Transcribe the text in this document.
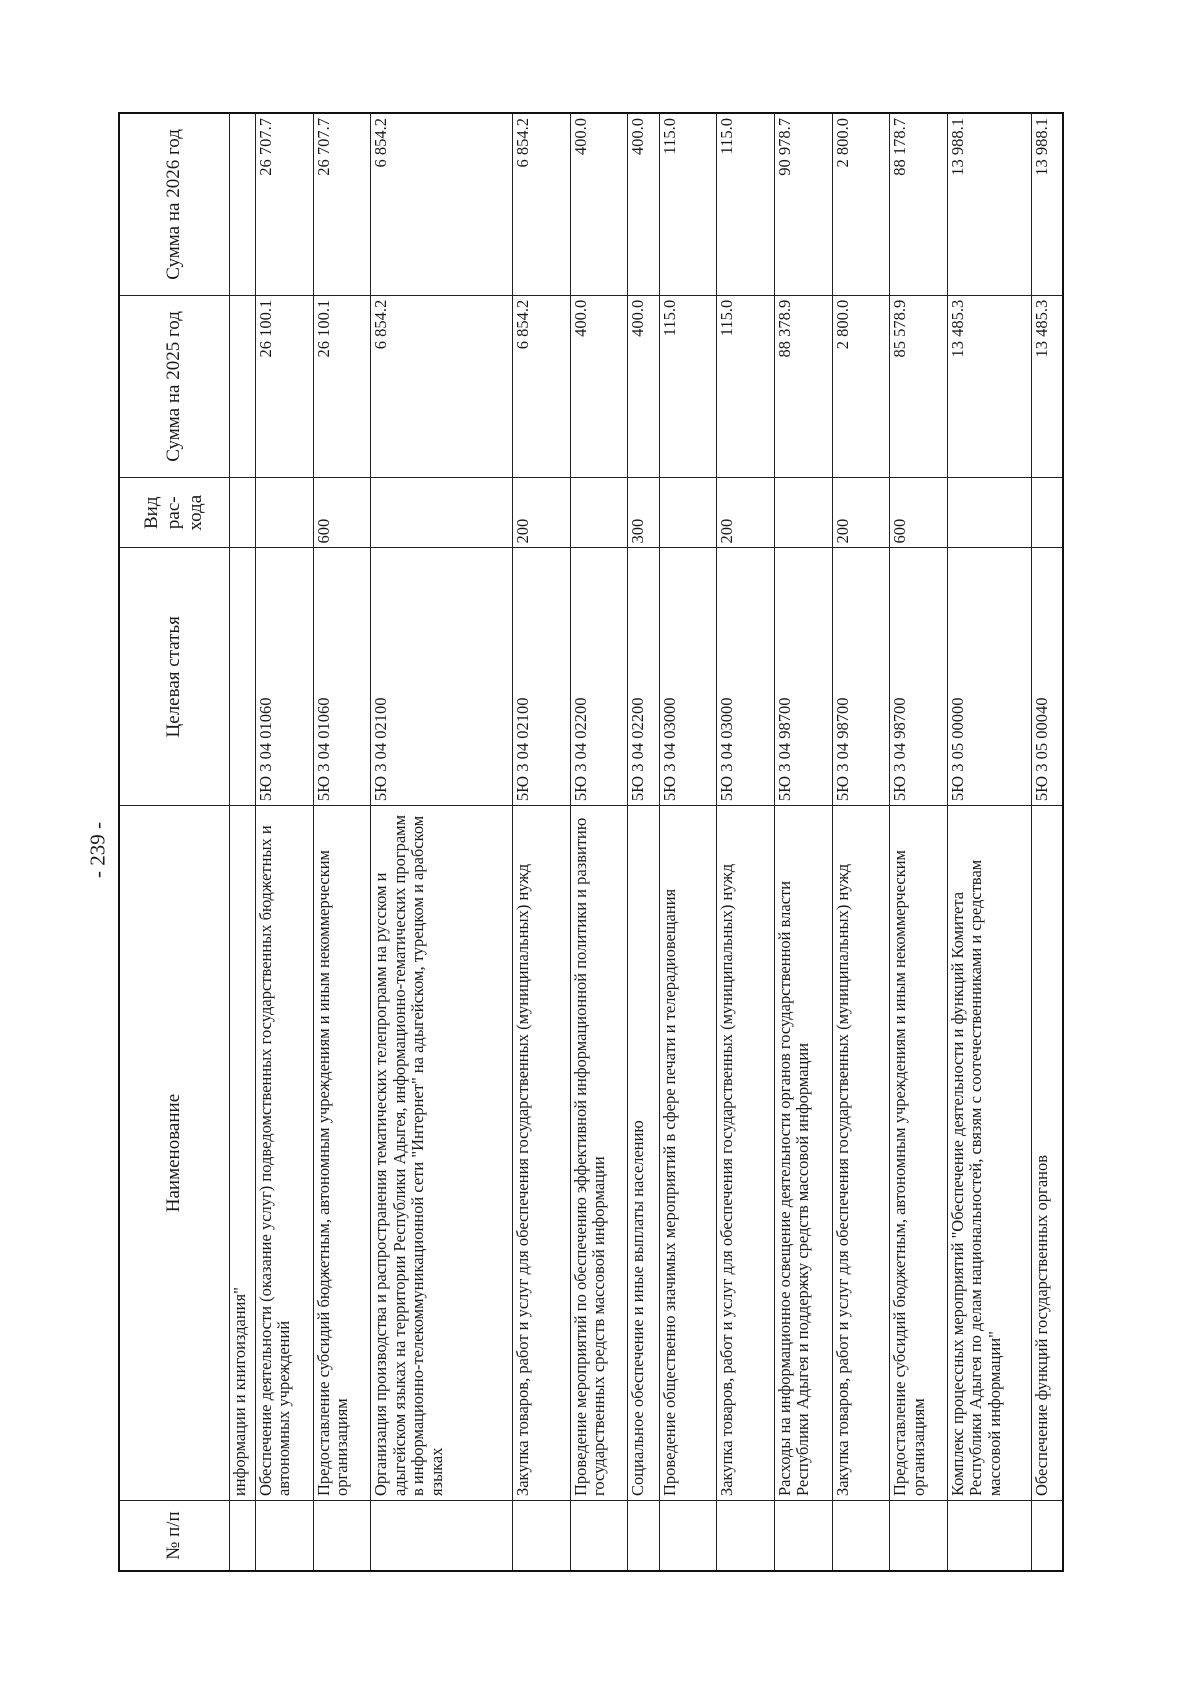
- 239 -
№ п/п	Наименование	Целевая статья	Вид рас-хода	Сумма на 2025 год	Сумма на 2026 год
	информации и книгоиздания"				
	Обеспечение деятельности (оказание услуг) подведомственных государственных бюджетных и автономных учреждений	5Ю 3 04 01060		26 100.1	26 707.7
	Предоставление субсидий бюджетным, автономным учреждениям и иным некоммерческим организациям	5Ю 3 04 01060	600	26 100.1	26 707.7
	Организация производства и распространения тематических телепрограмм на русском и адыгейском языках на территории Республики Адыгея, информационно-тематических программ в информационно-телекоммуникационной сети "Интернет" на адыгейском, турецком и арабском языках	5Ю 3 04 02100		6 854.2	6 854.2
	Закупка товаров, работ и услуг для обеспечения государственных (муниципальных) нужд	5Ю 3 04 02100	200	6 854.2	6 854.2
	Проведение мероприятий по обеспечению эффективной информационной политики и развитию государственных средств массовой информации	5Ю 3 04 02200		400.0	400.0
	Социальное обеспечение и иные выплаты населению	5Ю 3 04 02200	300	400.0	400.0
	Проведение общественно значимых мероприятий в сфере печати и телерадиовещания	5Ю 3 04 03000		115.0	115.0
	Закупка товаров, работ и услуг для обеспечения государственных (муниципальных) нужд	5Ю 3 04 03000	200	115.0	115.0
	Расходы на информационное освещение деятельности органов государственной власти Республики Адыгея и поддержку средств массовой информации	5Ю 3 04 98700		88 378.9	90 978.7
	Закупка товаров, работ и услуг для обеспечения государственных (муниципальных) нужд	5Ю 3 04 98700	200	2 800.0	2 800.0
	Предоставление субсидий бюджетным, автономным учреждениям и иным некоммерческим организациям	5Ю 3 04 98700	600	85 578.9	88 178.7
	Комплекс процессных мероприятий "Обеспечение деятельности и функций Комитета Республики Адыгея по делам национальностей, связям с соотечественниками и средствам массовой информации"	5Ю 3 05 00000		13 485.3	13 988.1
	Обеспечение функций государственных органов	5Ю 3 05 00040		13 485.3	13 988.1
